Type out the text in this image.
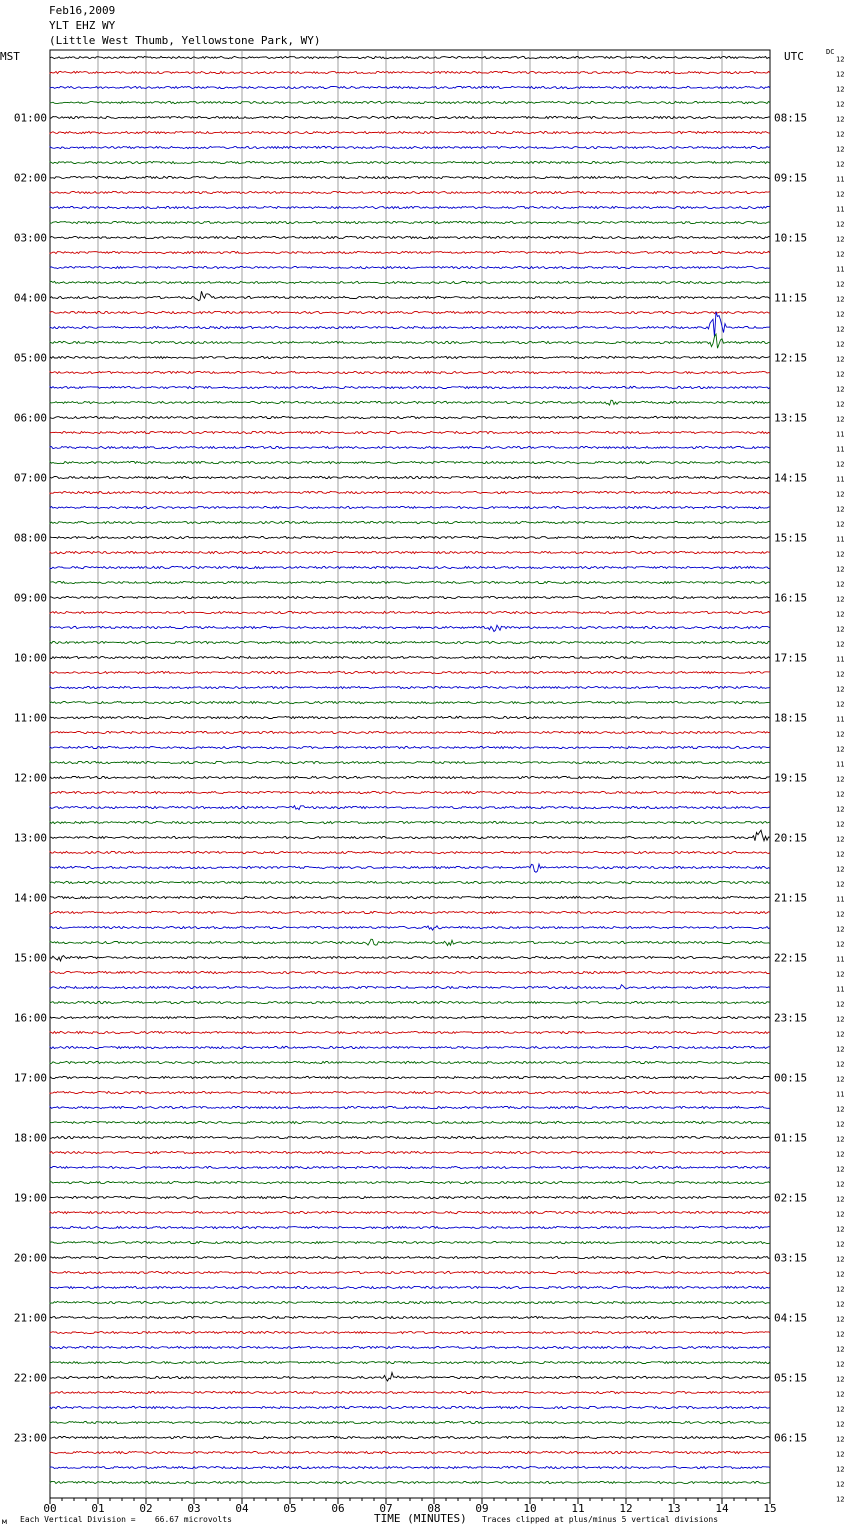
Feb16,2009
YLT EHZ WY
(Little West Thumb, Yellowstone Park, WY)
MST	UTC	DC
01:00
02:00
03:00
04:00
05:00
06:00
07:00
08:00
09:00
10:00
11:00
12:00
13:00
14:00
15:00
16:00
17:00
18:00
19:00
20:00
21:00
22:00
23:00
08:15
09:15
10:15
11:15
12:15
13:15
14:15
15:15
16:15
17:15
18:15
19:15
20:15
21:15
22:15
23:15
00:15
01:15
02:15
03:15
04:15
05:15
06:15
12
12
12
12
12
12
12
12
11
12
11
12
12
12
11
12
12
12
12
12
12
12
12
12
12
11
11
12
11
12
12
12
11
12
12
12
12
12
12
12
11
12
12
12
11
12
12
11
12
12
12
12
12
12
12
12
11
12
12
12
11
12
11
12
12
12
12
12
12
11
12
12
12
12
12
12
12
12
12
12
12
12
12
12
12
12
12
12
12
12
12
12
12
12
12
12
12
00	01	02	03	04	05	06	07	08	09	10	11	12	13	14	15
м Each Vertical Division =    66.67 microvolts	TIME (MINUTES) Traces clipped at plus/minus 5 vertical divisions
